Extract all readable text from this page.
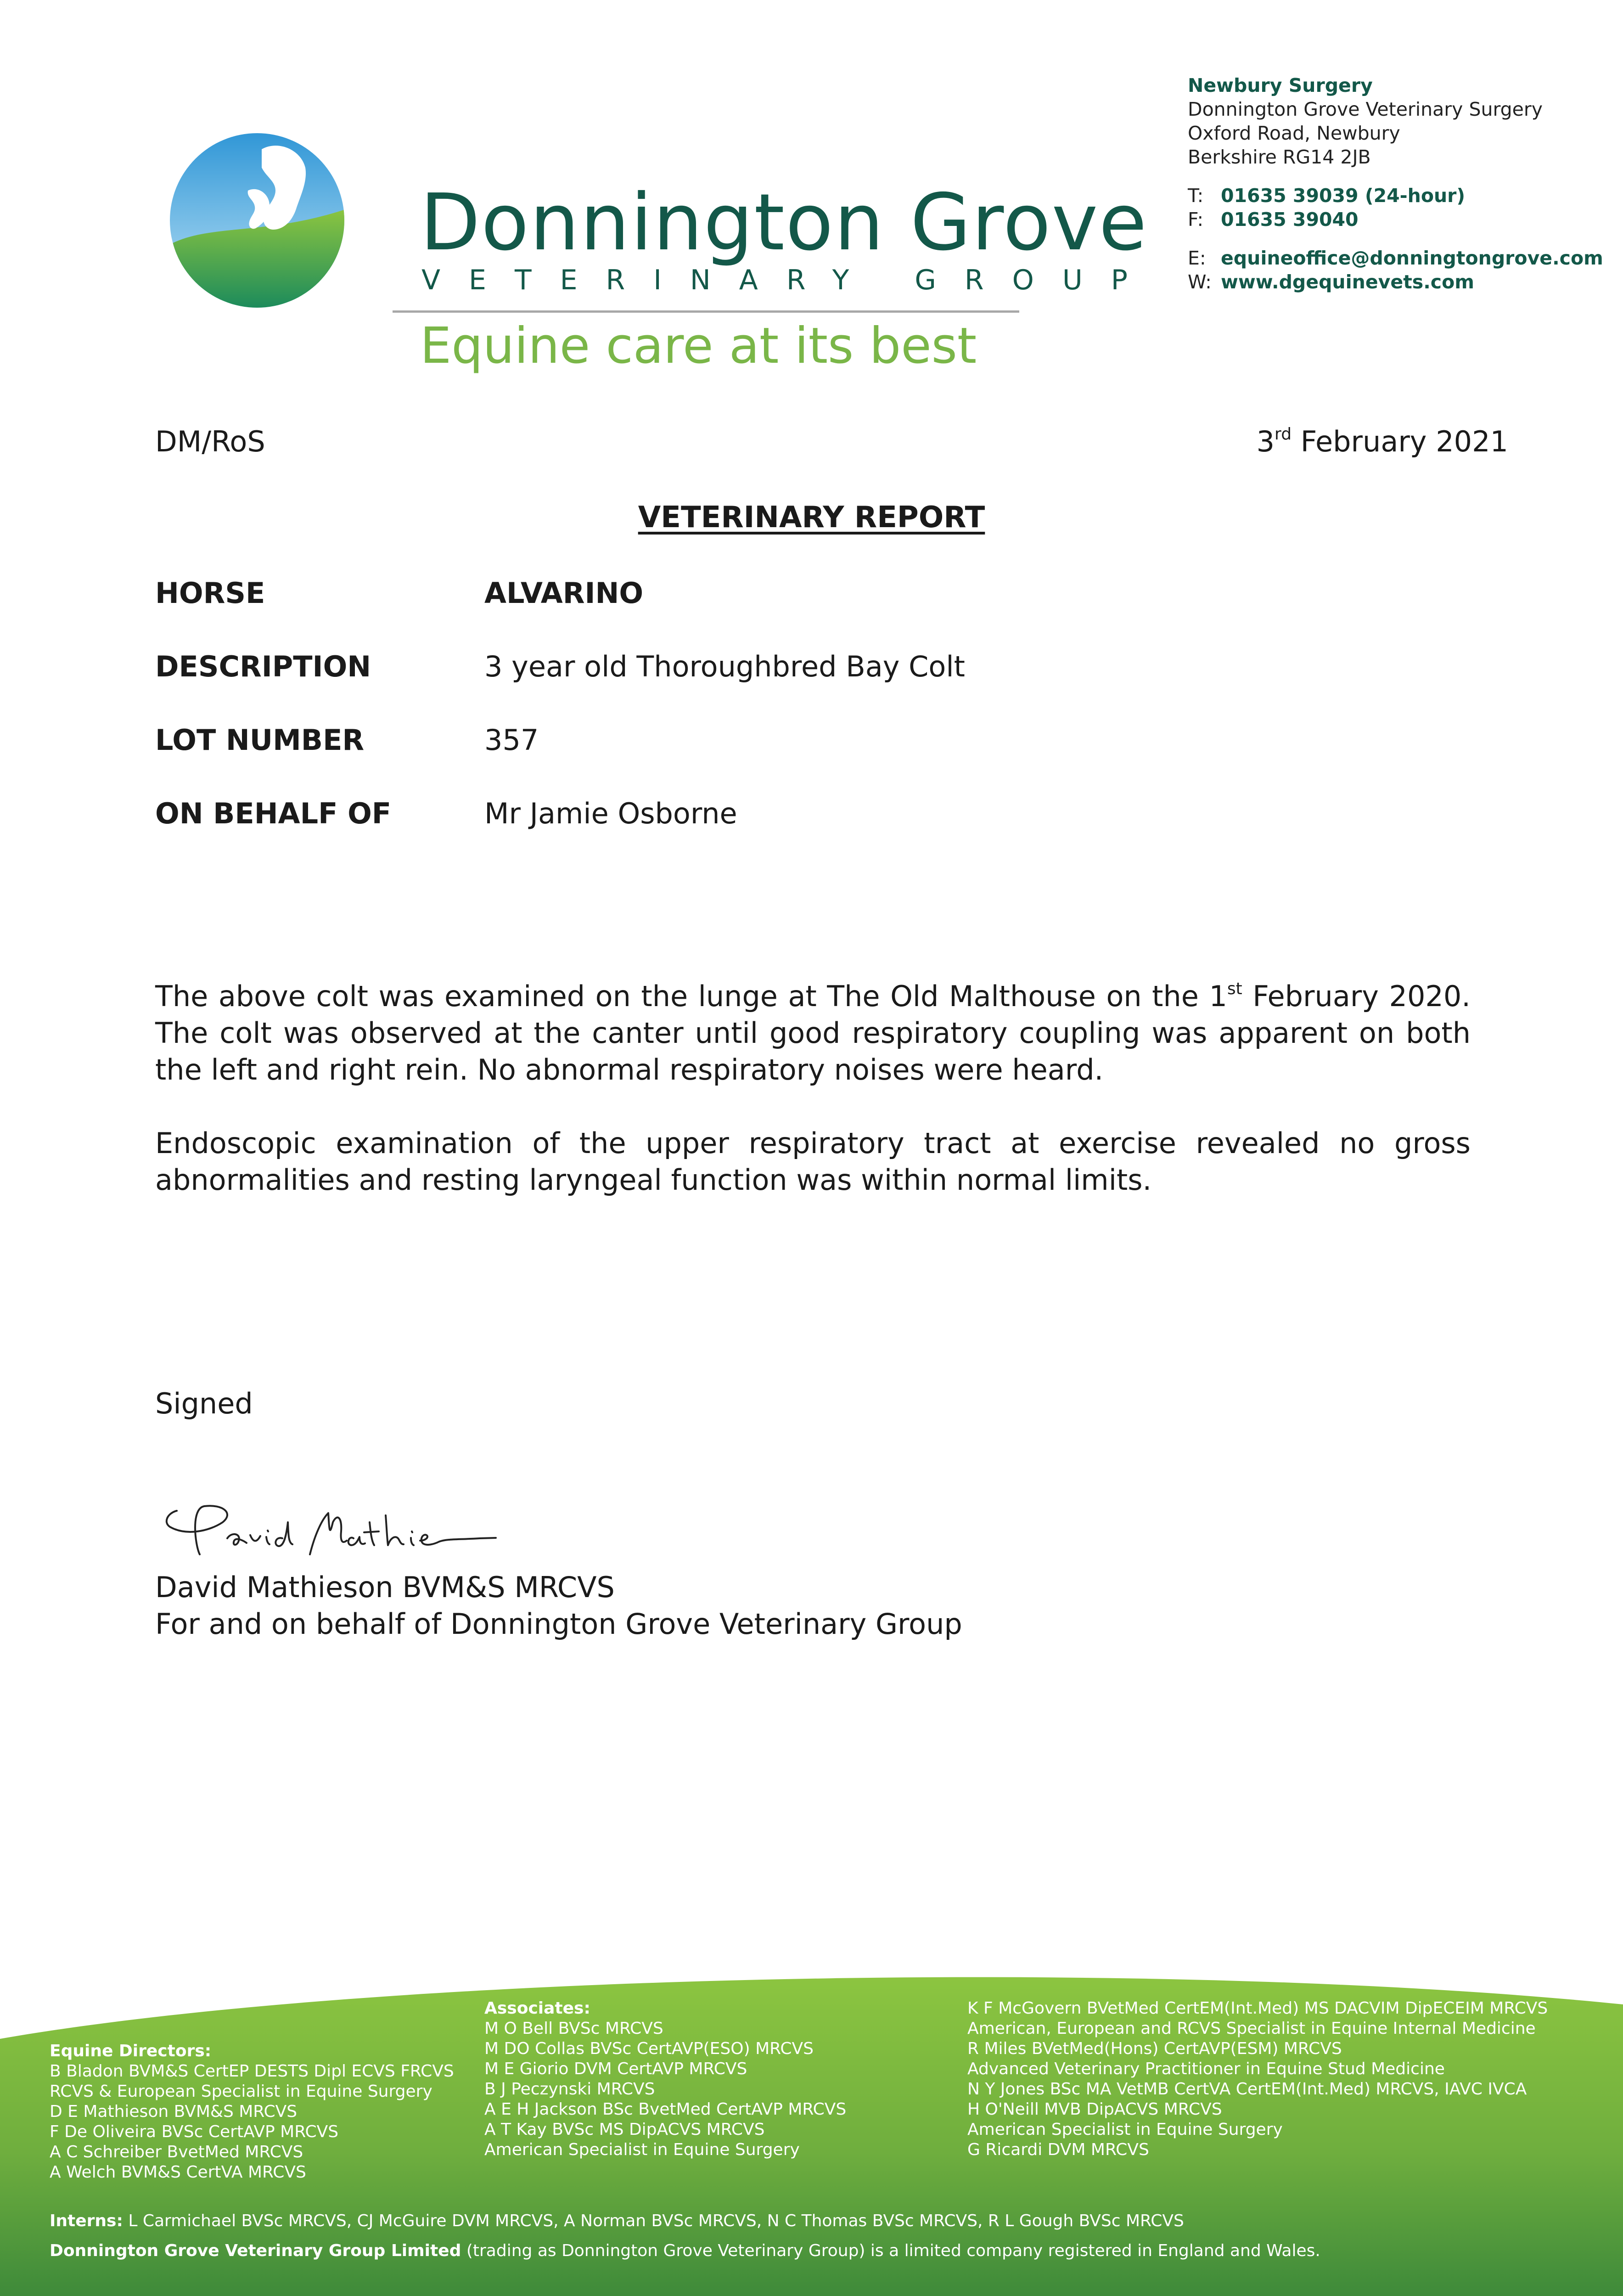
Donnington Grove
VETERINARY GROUP
Equine care at its best
Newbury Surgery
Donnington Grove Veterinary Surgery
Oxford Road, Newbury
Berkshire RG14 2JB
T: 01635 39039 (24-hour)
F: 01635 39040
E: equineoffice@donningtongrove.com
W: www.dgequinevets.com
DM/RoS	3rd February 2021
VETERINARY REPORT
HORSE	ALVARINO
DESCRIPTION	3 year old Thoroughbred Bay Colt
LOT NUMBER	357
ON BEHALF OF	Mr Jamie Osborne
The above colt was examined on the lunge at The Old Malthouse on the 1st February 2020. The colt was observed at the canter until good respiratory coupling was apparent on both the left and right rein. No abnormal respiratory noises were heard.
Endoscopic examination of the upper respiratory tract at exercise revealed no gross abnormalities and resting laryngeal function was within normal limits.
Signed
David Mathieson BVM&S MRCVS
For and on behalf of Donnington Grove Veterinary Group
Equine Directors:
B Bladon BVM&S CertEP DESTS Dipl ECVS FRCVS
RCVS & European Specialist in Equine Surgery
D E Mathieson BVM&S MRCVS
F De Oliveira BVSc CertAVP MRCVS
A C Schreiber BvetMed MRCVS
A Welch BVM&S CertVA MRCVS
Associates:
M O Bell BVSc MRCVS
M DO Collas BVSc CertAVP(ESO) MRCVS
M E Giorio DVM CertAVP MRCVS
B J Peczynski MRCVS
A E H Jackson BSc BvetMed CertAVP MRCVS
A T Kay BVSc MS DipACVS MRCVS
American Specialist in Equine Surgery
K F McGovern BVetMed CertEM(Int.Med) MS DACVIM DipECEIM MRCVS
American, European and RCVS Specialist in Equine Internal Medicine
R Miles BVetMed(Hons) CertAVP(ESM) MRCVS
Advanced Veterinary Practitioner in Equine Stud Medicine
N Y Jones BSc MA VetMB CertVA CertEM(Int.Med) MRCVS, IAVC IVCA
H O'Neill MVB DipACVS MRCVS
American Specialist in Equine Surgery
G Ricardi DVM MRCVS
Interns: L Carmichael BVSc MRCVS, CJ McGuire DVM MRCVS, A Norman BVSc MRCVS, N C Thomas BVSc MRCVS, R L Gough BVSc MRCVS
Donnington Grove Veterinary Group Limited (trading as Donnington Grove Veterinary Group) is a limited company registered in England and Wales.
